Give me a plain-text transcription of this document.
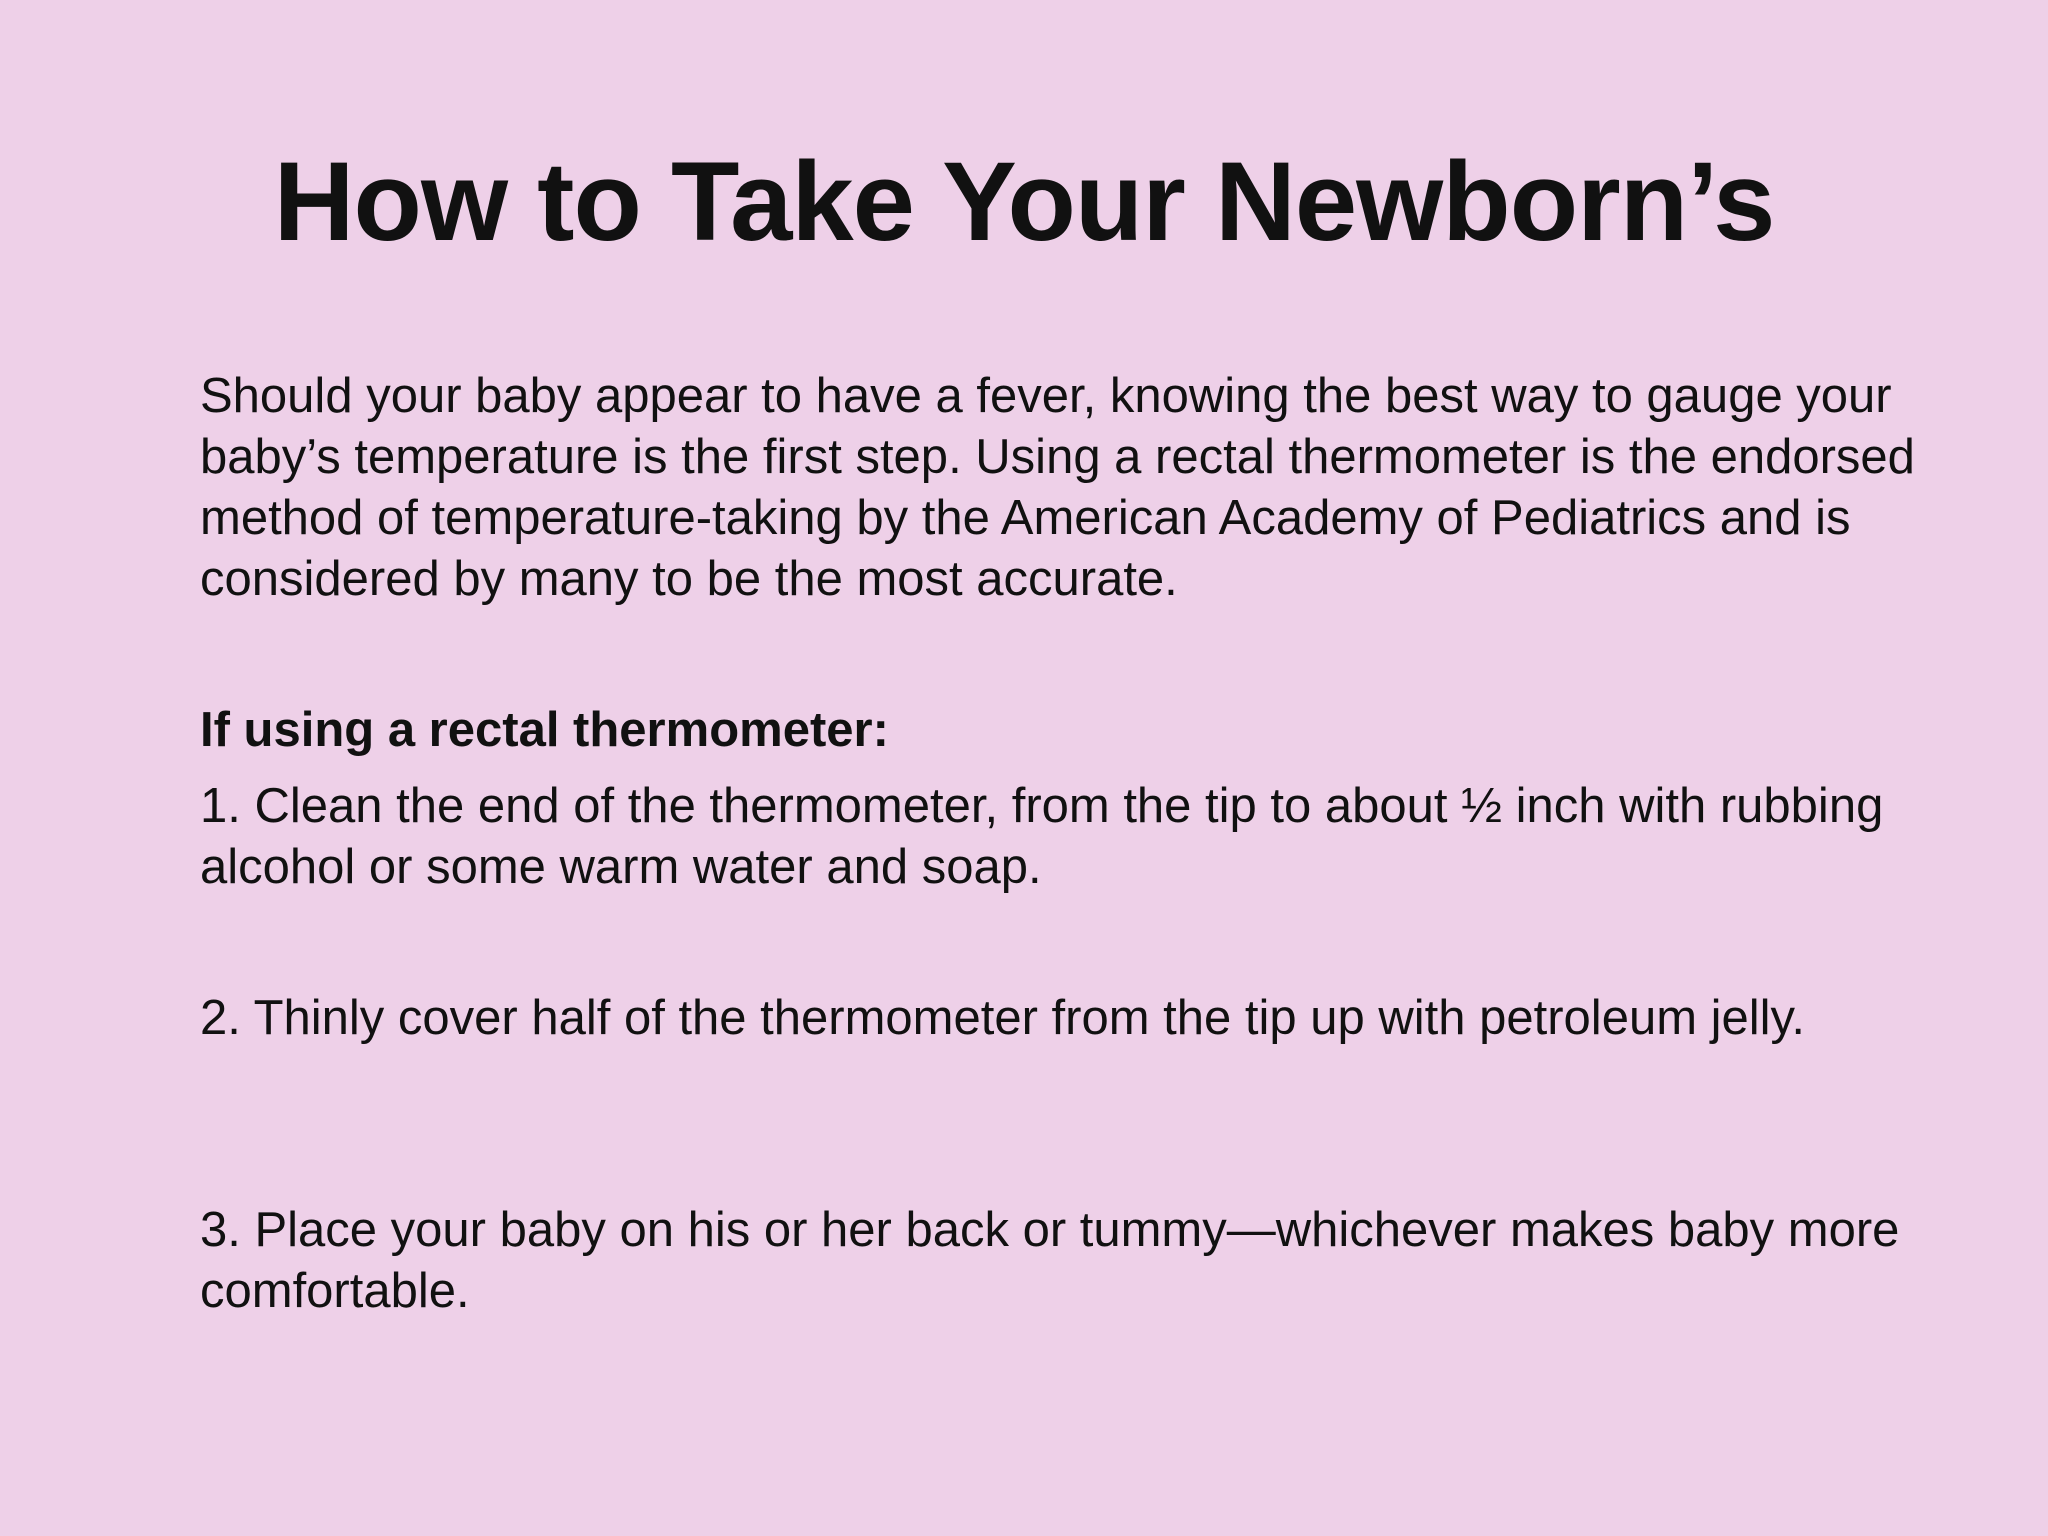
How to Take Your Newborn’s

Should your baby appear to have a fever, knowing the best way to gauge your baby’s temperature is the first step. Using a rectal thermometer is the endorsed method of temperature-taking by the American Academy of Pediatrics and is considered by many to be the most accurate.

If using a rectal thermometer:

1. Clean the end of the thermometer, from the tip to about ½ inch with rubbing alcohol or some warm water and soap.

2. Thinly cover half of the thermometer from the tip up with petroleum jelly.

3. Place your baby on his or her back or tummy—whichever makes baby more comfortable.
